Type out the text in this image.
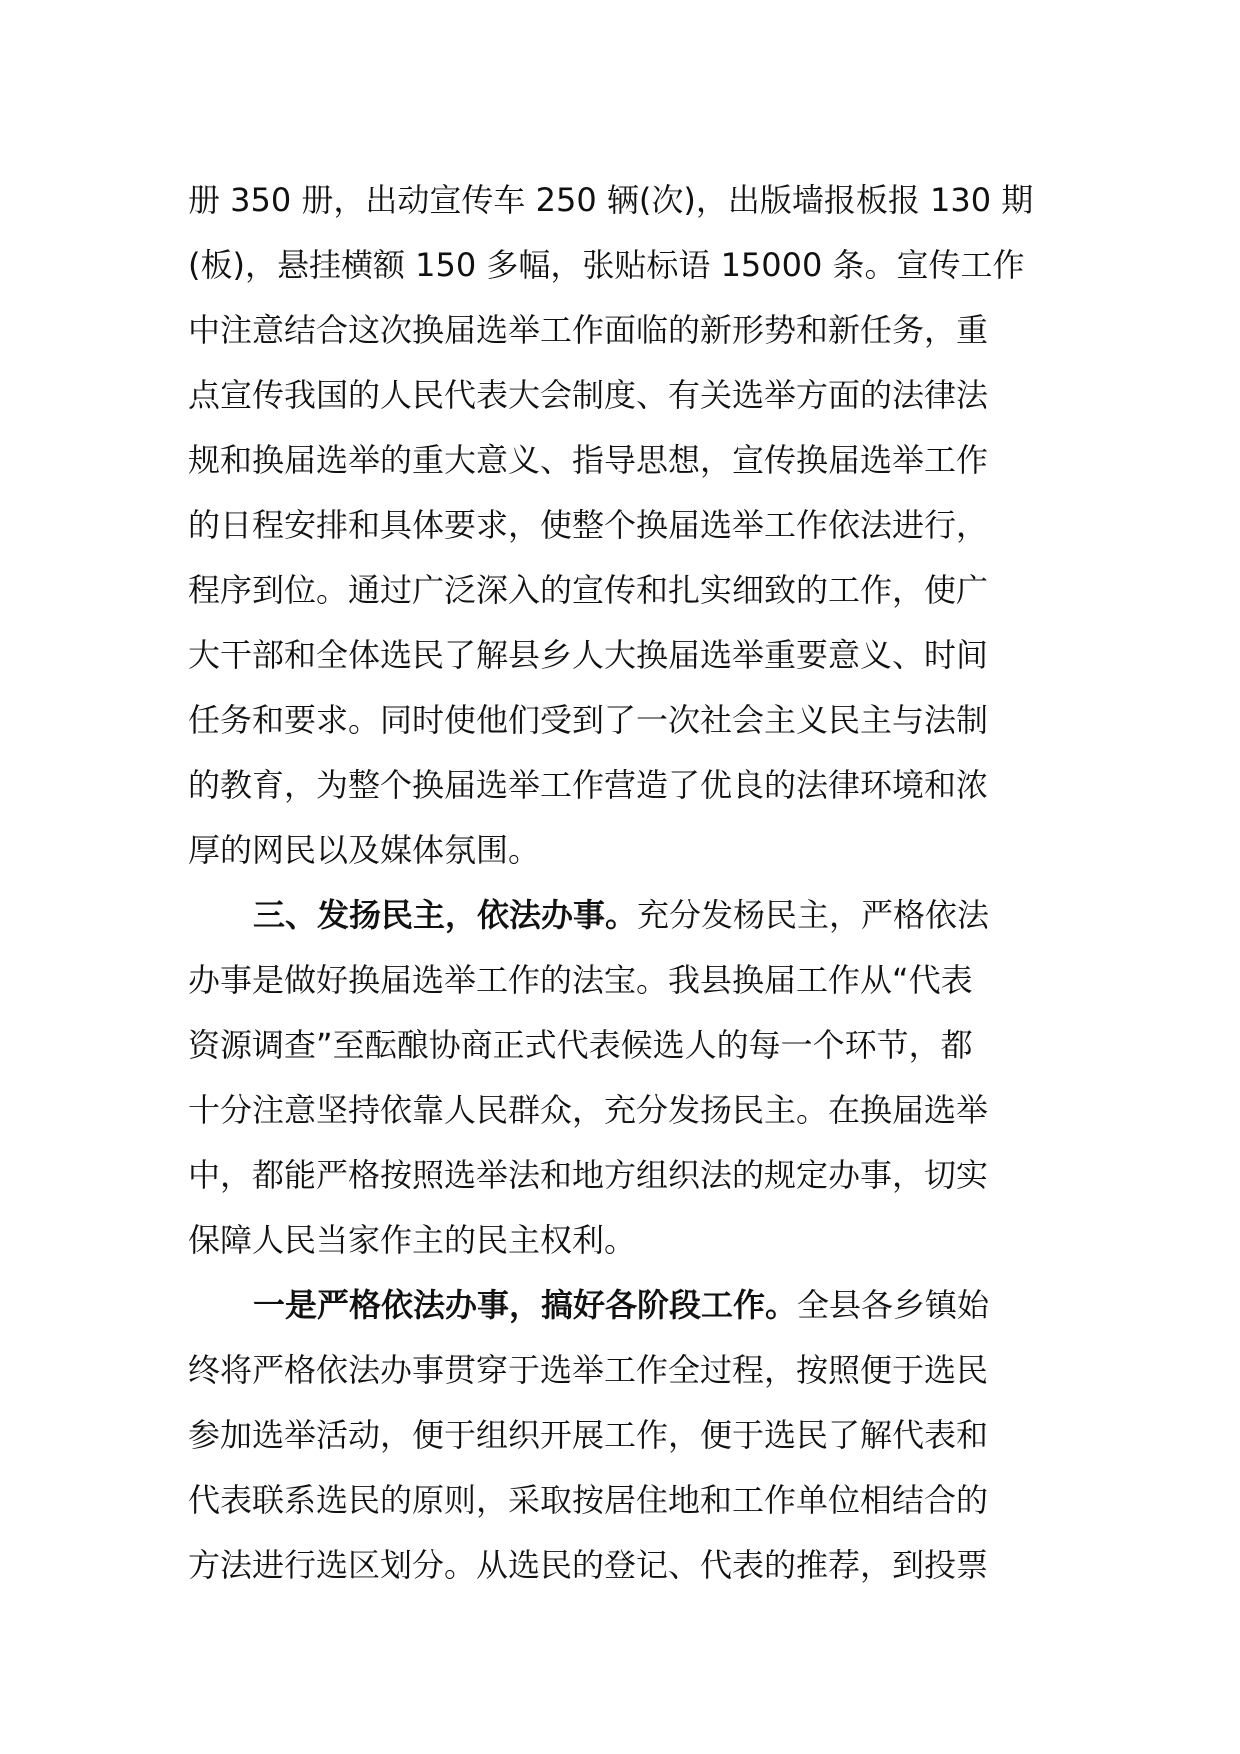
册 350 册，出动宣传车 250 辆(次)，出版墙报板报 130 期
(板)，悬挂横额 150 多幅，张贴标语 15000 条。宣传工作
中注意结合这次换届选举工作面临的新形势和新任务，重
点宣传我国的人民代表大会制度、有关选举方面的法律法
规和换届选举的重大意义、指导思想，宣传换届选举工作
的日程安排和具体要求，使整个换届选举工作依法进行，
程序到位。通过广泛深入的宣传和扎实细致的工作，使广
大干部和全体选民了解县乡人大换届选举重要意义、时间
任务和要求。同时使他们受到了一次社会主义民主与法制
的教育，为整个换届选举工作营造了优良的法律环境和浓
厚的网民以及媒体氛围。
三、发扬民主，依法办事。充分发杨民主，严格依法
办事是做好换届选举工作的法宝。我县换届工作从“代表
资源调查”至酝酿协商正式代表候选人的每一个环节，都
十分注意坚持依靠人民群众，充分发扬民主。在换届选举
中，都能严格按照选举法和地方组织法的规定办事，切实
保障人民当家作主的民主权利。
一是严格依法办事，搞好各阶段工作。全县各乡镇始
终将严格依法办事贯穿于选举工作全过程，按照便于选民
参加选举活动，便于组织开展工作，便于选民了解代表和
代表联系选民的原则，采取按居住地和工作单位相结合的
方法进行选区划分。从选民的登记、代表的推荐，到投票
